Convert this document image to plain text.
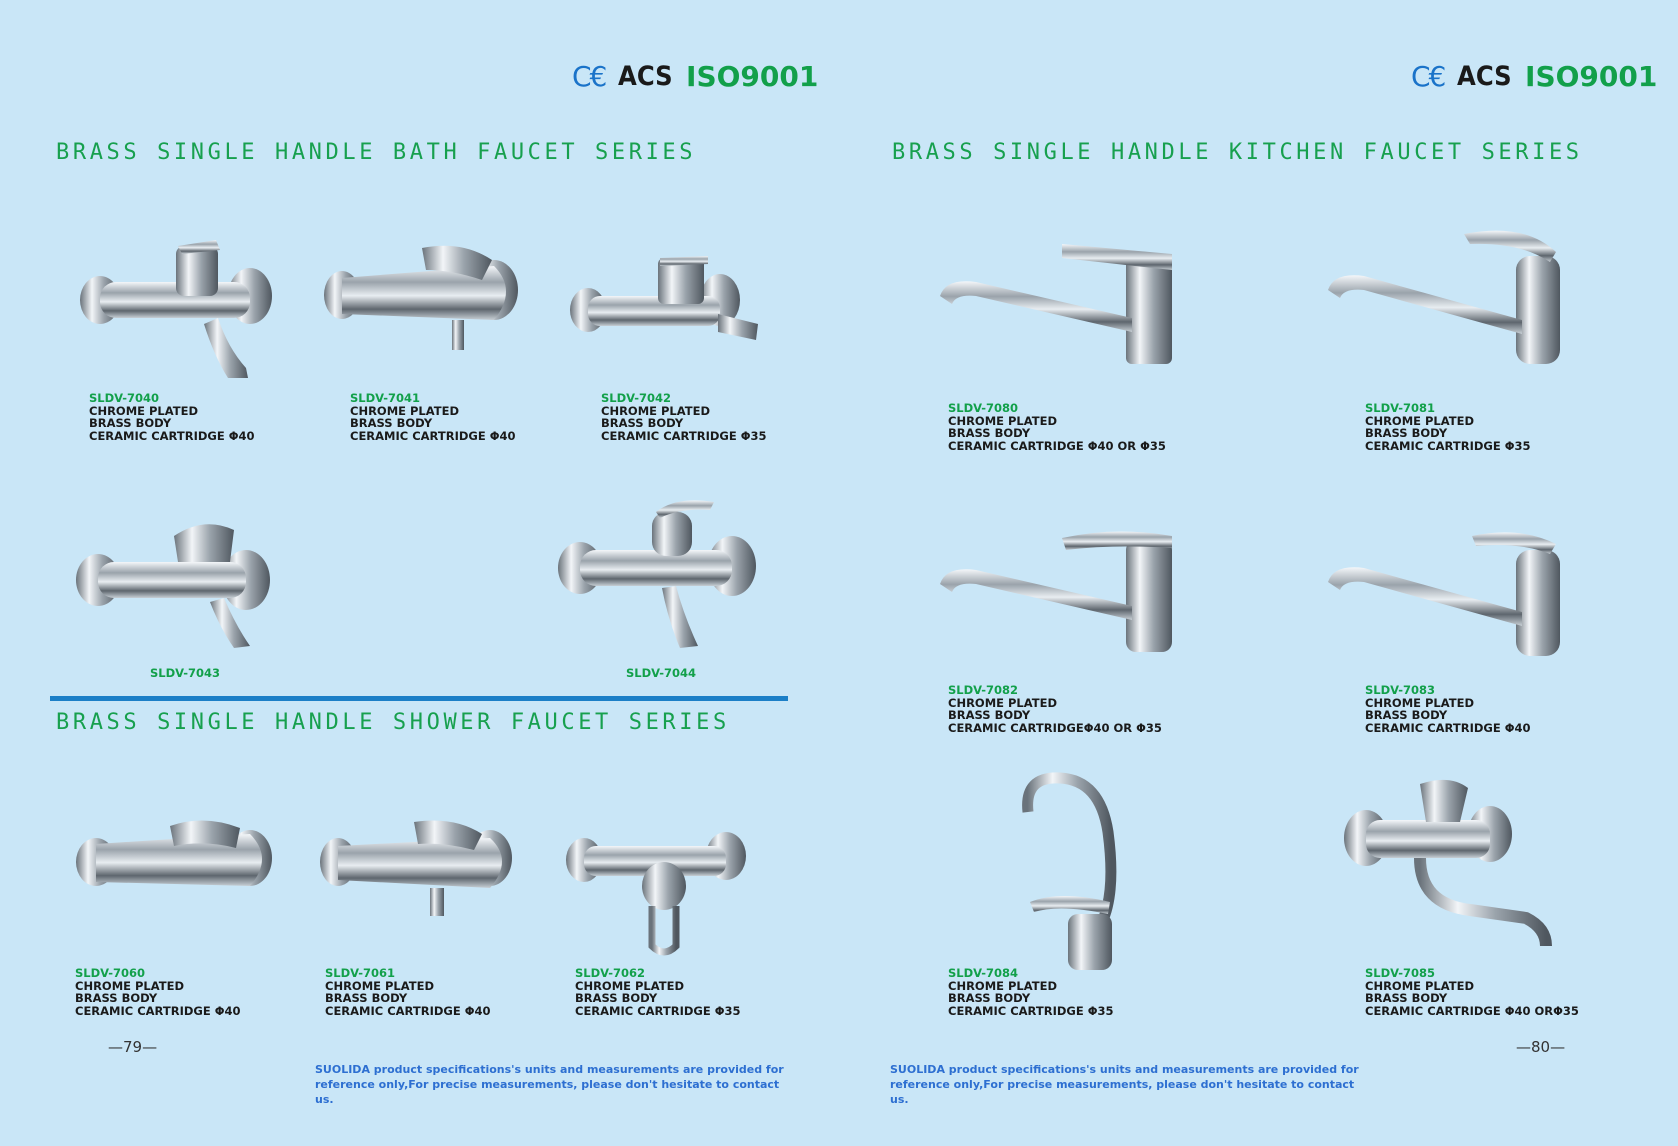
C€ ACS ISO9001	C€ ACS ISO9001
BRASS SINGLE HANDLE BATH FAUCET SERIES	BRASS SINGLE HANDLE KITCHEN FAUCET SERIES
BRASS SINGLE HANDLE SHOWER FAUCET SERIES
SLDV-7040
CHROME PLATED
BRASS BODY
CERAMIC CARTRIDGE Φ40
SLDV-7041
CHROME PLATED
BRASS BODY
CERAMIC CARTRIDGE Φ40
SLDV-7042
CHROME PLATED
BRASS BODY
CERAMIC CARTRIDGE Φ35
SLDV-7043	SLDV-7044
SLDV-7060
CHROME PLATED
BRASS BODY
CERAMIC CARTRIDGE Φ40
SLDV-7061
CHROME PLATED
BRASS BODY
CERAMIC CARTRIDGE Φ40
SLDV-7062
CHROME PLATED
BRASS BODY
CERAMIC CARTRIDGE Φ35
SLDV-7080
CHROME PLATED
BRASS BODY
CERAMIC CARTRIDGE Φ40 OR Φ35
SLDV-7081
CHROME PLATED
BRASS BODY
CERAMIC CARTRIDGE Φ35
SLDV-7082
CHROME PLATED
BRASS BODY
CERAMIC CARTRIDGEΦ40 OR Φ35
SLDV-7083
CHROME PLATED
BRASS BODY
CERAMIC CARTRIDGE Φ40
SLDV-7084
CHROME PLATED
BRASS BODY
CERAMIC CARTRIDGE Φ35
SLDV-7085
CHROME PLATED
BRASS BODY
CERAMIC CARTRIDGE Φ40 ORΦ35
—79—	—80—
SUOLIDA product specifications's units and measurements are provided for reference only,For precise measurements, please don't hesitate to contact us.
SUOLIDA product specifications's units and measurements are provided for reference only,For precise measurements, please don't hesitate to contact us.
